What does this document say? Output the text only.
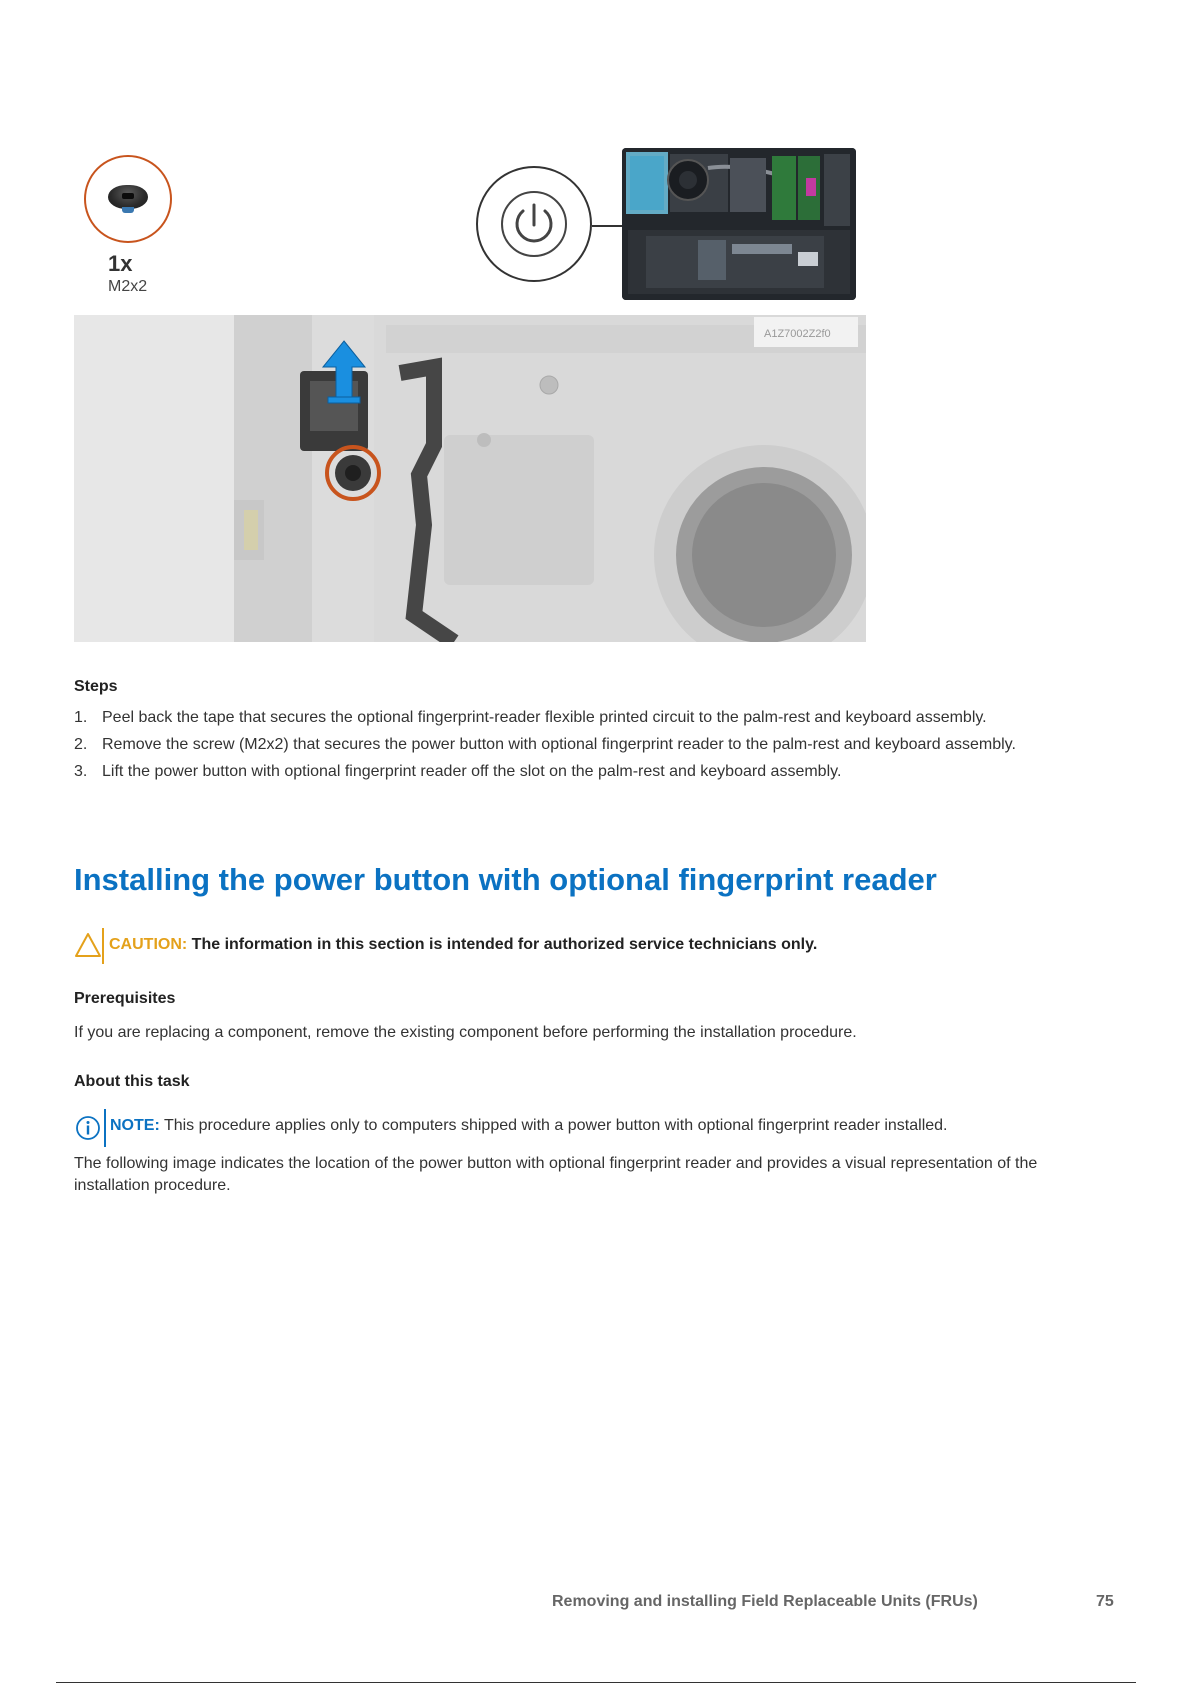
1x
M2x2
A1Z7002Z2f0
Steps
1. Peel back the tape that secures the optional fingerprint-reader flexible printed circuit to the palm-rest and keyboard assembly.
2. Remove the screw (M2x2) that secures the power button with optional fingerprint reader to the palm-rest and keyboard assembly.
3. Lift the power button with optional fingerprint reader off the slot on the palm-rest and keyboard assembly.
Installing the power button with optional fingerprint reader
CAUTION: The information in this section is intended for authorized service technicians only.
Prerequisites
If you are replacing a component, remove the existing component before performing the installation procedure.
About this task
NOTE: This procedure applies only to computers shipped with a power button with optional fingerprint reader installed.
The following image indicates the location of the power button with optional fingerprint reader and provides a visual representation of the installation procedure.
Removing and installing Field Replaceable Units (FRUs)	75
